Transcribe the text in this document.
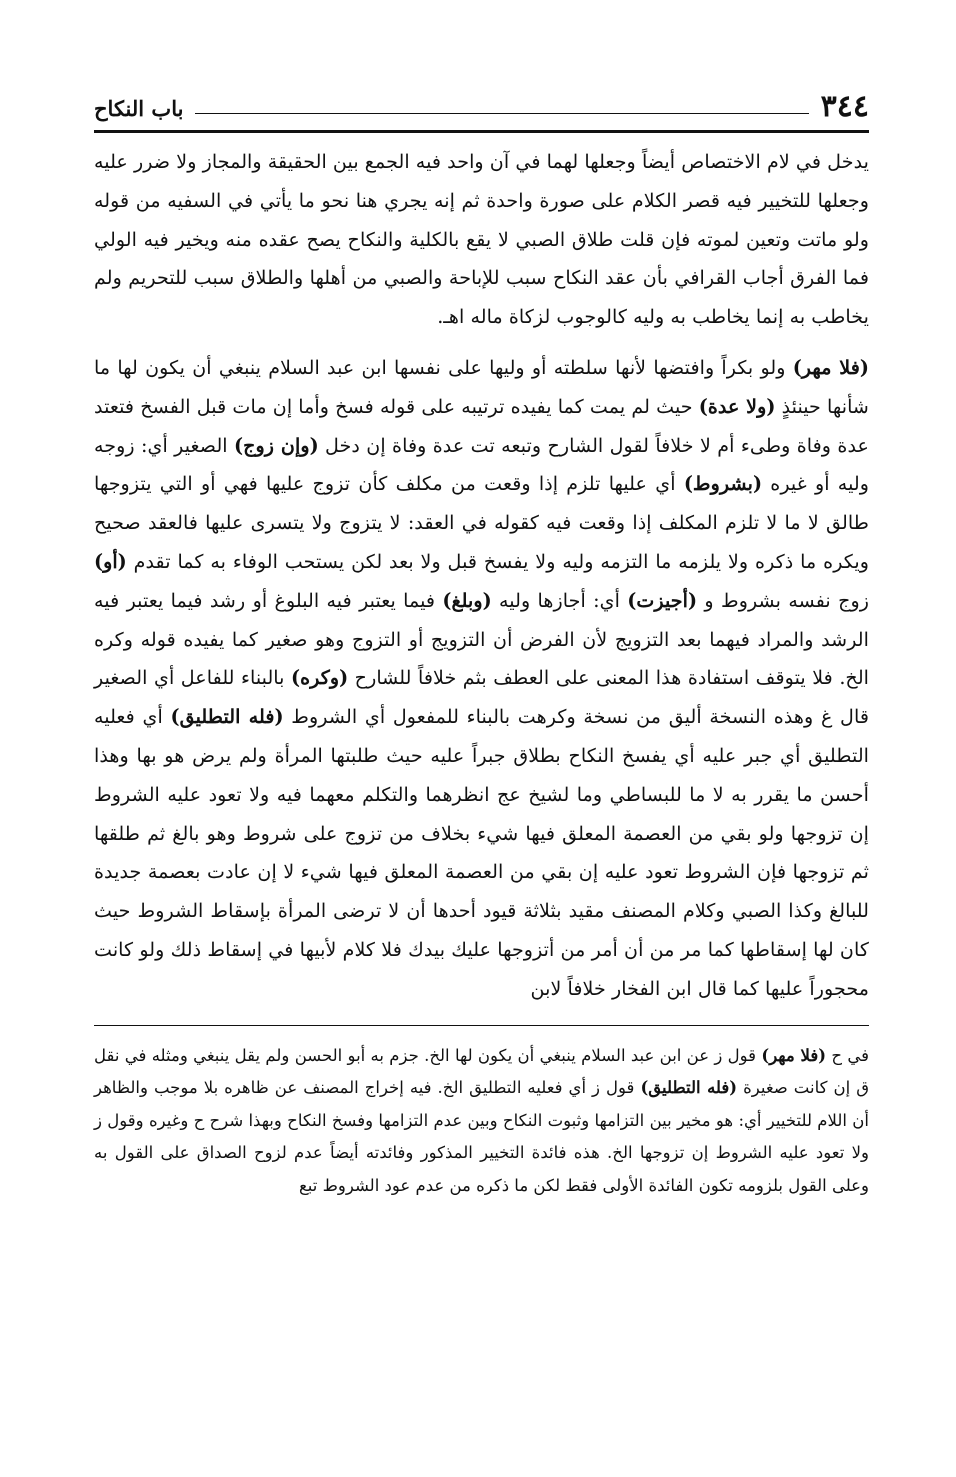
٣٤٤
باب النكاح

يدخل في لام الاختصاص أيضاً وجعلها لهما في آن واحد فيه الجمع بين الحقيقة والمجاز ولا ضرر عليه وجعلها للتخيير فيه قصر الكلام على صورة واحدة ثم إنه يجري هنا نحو ما يأتي في السفيه من قوله ولو ماتت وتعين لموته فإن قلت طلاق الصبي لا يقع بالكلية والنكاح يصح عقده منه ويخير فيه الولي فما الفرق أجاب القرافي بأن عقد النكاح سبب للإباحة والصبي من أهلها والطلاق سبب للتحريم ولم يخاطب به إنما يخاطب به وليه كالوجوب لزكاة ماله اهـ.

(فلا مهر) ولو بكراً وافتضها لأنها سلطته أو وليها على نفسها ابن عبد السلام ينبغي أن يكون لها ما شأنها حينئذٍ (ولا عدة) حيث لم يمت كما يفيده ترتيبه على قوله فسخ وأما إن مات قبل الفسخ فتعتد عدة وفاة وطىء أم لا خلافاً لقول الشارح وتبعه تت عدة وفاة إن دخل (وإن زوج) الصغير أي: زوجه وليه أو غيره (بشروط) أي عليها تلزم إذا وقعت من مكلف كأن تزوج عليها فهي أو التي يتزوجها طالق لا ما لا تلزم المكلف إذا وقعت فيه كقوله في العقد: لا يتزوج ولا يتسرى عليها فالعقد صحيح ويكره ما ذكره ولا يلزمه ما التزمه وليه ولا يفسخ قبل ولا بعد لكن يستحب الوفاء به كما تقدم (أو) زوج نفسه بشروط و (أجيزت) أي: أجازها وليه (وبلغ) فيما يعتبر فيه البلوغ أو رشد فيما يعتبر فيه الرشد والمراد فيهما بعد التزويج لأن الفرض أن التزويج أو التزوج وهو صغير كما يفيده قوله وكره الخ. فلا يتوقف استفادة هذا المعنى على العطف بثم خلافاً للشارح (وكره) بالبناء للفاعل أي الصغير قال غ وهذه النسخة أليق من نسخة وكرهت بالبناء للمفعول أي الشروط (فله التطليق) أي فعليه التطليق أي جبر عليه أي يفسخ النكاح بطلاق جبراً عليه حيث طلبتها المرأة ولم يرض هو بها وهذا أحسن ما يقرر به لا ما للبساطي وما لشيخ عج انظرهما والتكلم معهما فيه ولا تعود عليه الشروط إن تزوجها ولو بقي من العصمة المعلق فيها شيء بخلاف من تزوج على شروط وهو بالغ ثم طلقها ثم تزوجها فإن الشروط تعود عليه إن بقي من العصمة المعلق فيها شيء لا إن عادت بعصمة جديدة للبالغ وكذا الصبي وكلام المصنف مقيد بثلاثة قيود أحدها أن لا ترضى المرأة بإسقاط الشروط حيث كان لها إسقاطها كما مر من أن أمر من أتزوجها عليك بيدك فلا كلام لأبيها في إسقاط ذلك ولو كانت محجوراً عليها كما قال ابن الفخار خلافاً لابن

في ح (فلا مهر) قول ز عن ابن عبد السلام ينبغي أن يكون لها الخ. جزم به أبو الحسن ولم يقل ينبغي ومثله في نقل ق إن كانت صغيرة (فله التطليق) قول ز أي فعليه التطليق الخ. فيه إخراج المصنف عن ظاهره بلا موجب والظاهر أن اللام للتخيير أي: هو مخير بين التزامها وثبوت النكاح وبين عدم التزامها وفسخ النكاح وبهذا شرح ح وغيره وقول ز ولا تعود عليه الشروط إن تزوجها الخ. هذه فائدة التخيير المذكور وفائدته أيضاً عدم لزوح الصداق على القول به وعلى القول بلزومه تكون الفائدة الأولى فقط لكن ما ذكره من عدم عود الشروط تبع
